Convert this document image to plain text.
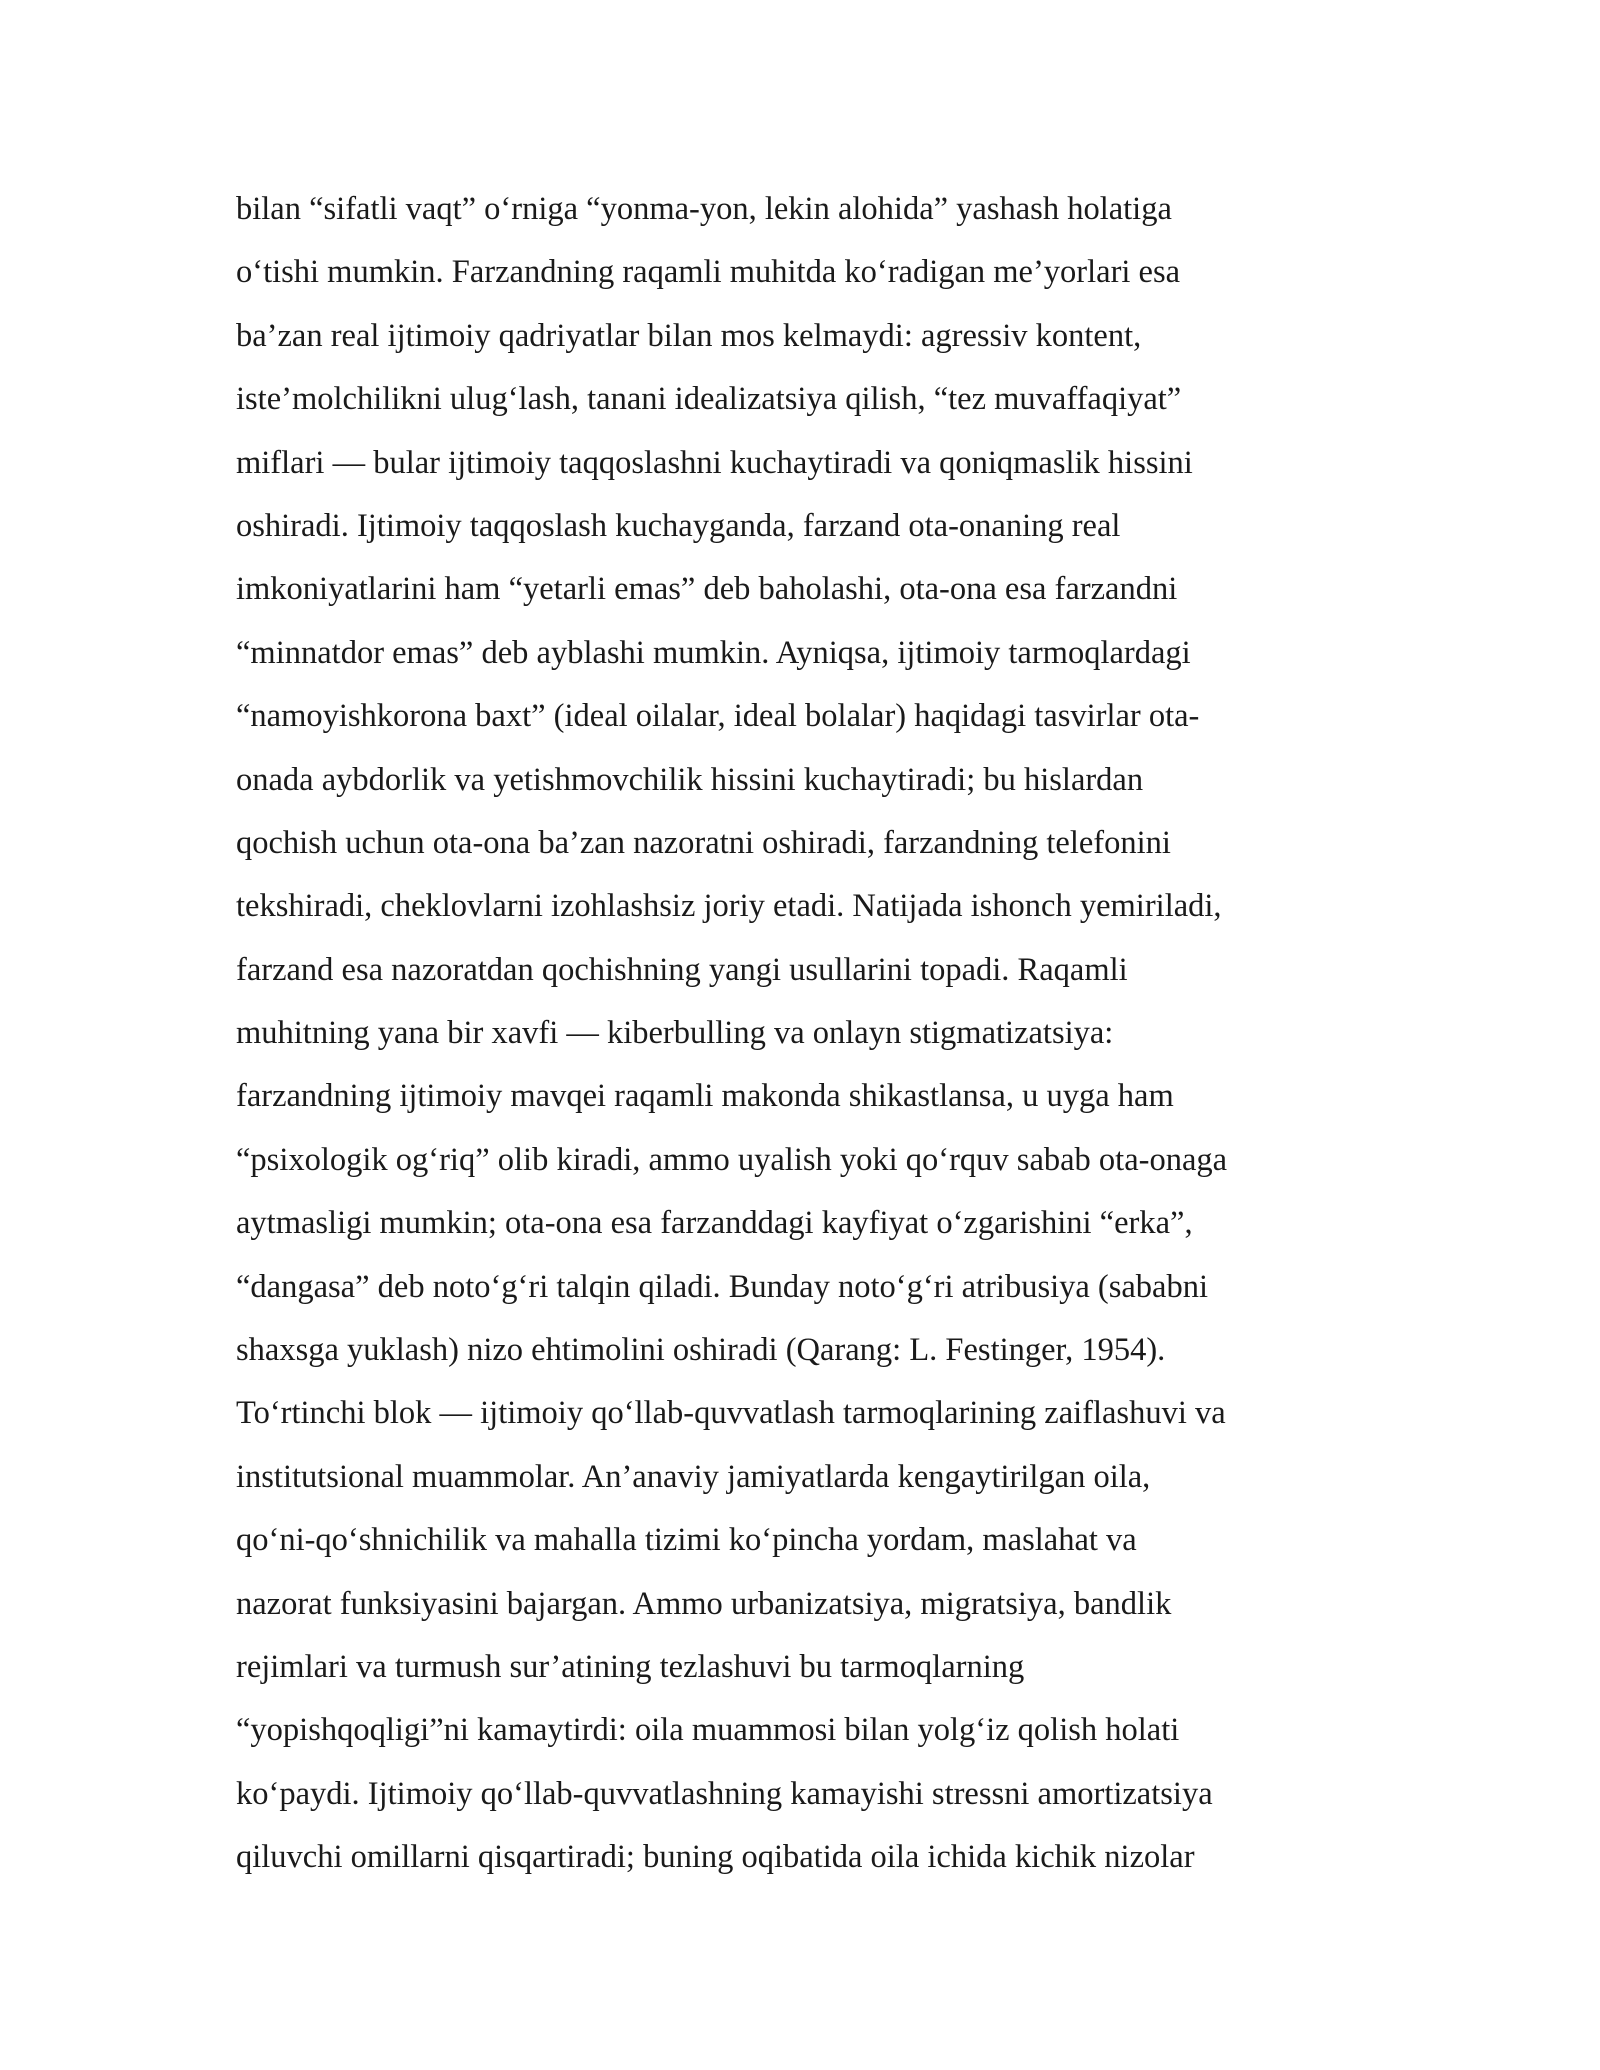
bilan “sifatli vaqt” o‘rniga “yonma-yon, lekin alohida” yashash holatiga
o‘tishi mumkin. Farzandning raqamli muhitda ko‘radigan me’yorlari esa
ba’zan real ijtimoiy qadriyatlar bilan mos kelmaydi: agressiv kontent,
iste’molchilikni ulug‘lash, tanani idealizatsiya qilish, “tez muvaffaqiyat”
miflari — bular ijtimoiy taqqoslashni kuchaytiradi va qoniqmaslik hissini
oshiradi. Ijtimoiy taqqoslash kuchayganda, farzand ota-onaning real
imkoniyatlarini ham “yetarli emas” deb baholashi, ota-ona esa farzandni
“minnatdor emas” deb ayblashi mumkin. Ayniqsa, ijtimoiy tarmoqlardagi
“namoyishkorona baxt” (ideal oilalar, ideal bolalar) haqidagi tasvirlar ota-
onada aybdorlik va yetishmovchilik hissini kuchaytiradi; bu hislardan
qochish uchun ota-ona ba’zan nazoratni oshiradi, farzandning telefonini
tekshiradi, cheklovlarni izohlashsiz joriy etadi. Natijada ishonch yemiriladi,
farzand esa nazoratdan qochishning yangi usullarini topadi. Raqamli
muhitning yana bir xavfi — kiberbulling va onlayn stigmatizatsiya:
farzandning ijtimoiy mavqei raqamli makonda shikastlansa, u uyga ham
“psixologik og‘riq” olib kiradi, ammo uyalish yoki qo‘rquv sabab ota-onaga
aytmasligi mumkin; ota-ona esa farzanddagi kayfiyat o‘zgarishini “erka”,
“dangasa” deb noto‘g‘ri talqin qiladi. Bunday noto‘g‘ri atribusiya (sababni
shaxsga yuklash) nizo ehtimolini oshiradi (Qarang: L. Festinger, 1954).
To‘rtinchi blok — ijtimoiy qo‘llab-quvvatlash tarmoqlarining zaiflashuvi va
institutsional muammolar. An’anaviy jamiyatlarda kengaytirilgan oila,
qo‘ni-qo‘shnichilik va mahalla tizimi ko‘pincha yordam, maslahat va
nazorat funksiyasini bajargan. Ammo urbanizatsiya, migratsiya, bandlik
rejimlari va turmush sur’atining tezlashuvi bu tarmoqlarning
“yopishqoqligi”ni kamaytirdi: oila muammosi bilan yolg‘iz qolish holati
ko‘paydi. Ijtimoiy qo‘llab-quvvatlashning kamayishi stressni amortizatsiya
qiluvchi omillarni qisqartiradi; buning oqibatida oila ichida kichik nizolar
